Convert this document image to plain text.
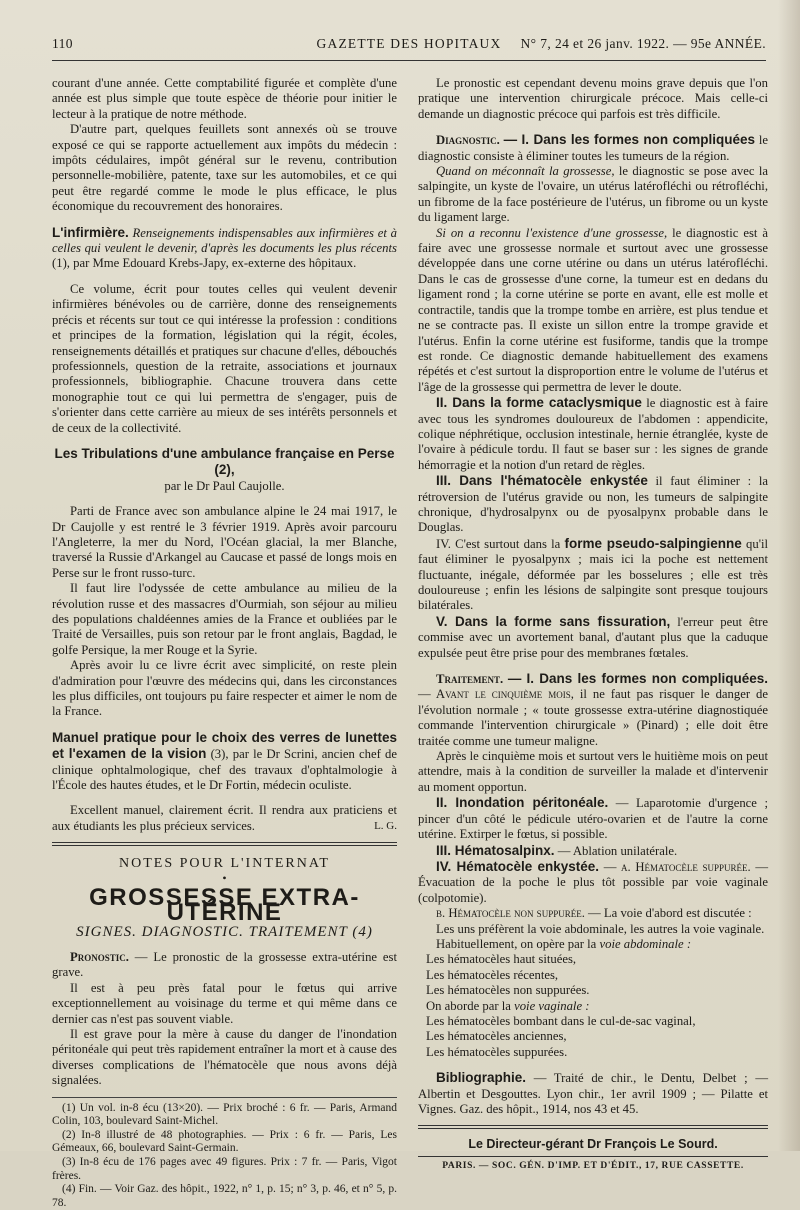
110	GAZETTE DES HOPITAUX	N° 7, 24 et 26 janv. 1922. — 95e ANNÉE.

courant d'une année. Cette comptabilité figurée et complète d'une année est plus simple que toute espèce de théorie pour initier le lecteur à la pratique de notre méthode.

D'autre part, quelques feuillets sont annexés où se trouve exposé ce qui se rapporte actuellement aux impôts du médecin : impôts cédulaires, impôt général sur le revenu, contribution personnelle-mobilière, patente, taxe sur les automobiles, et ce qui peut être regardé comme le mode le plus efficace, le plus économique du recouvrement des honoraires.

L'infirmière. Renseignements indispensables aux infirmières et à celles qui veulent le devenir, d'après les documents les plus récents (1), par Mme Edouard Krebs-Japy, ex-externe des hôpitaux.

Ce volume, écrit pour toutes celles qui veulent devenir infirmières bénévoles ou de carrière, donne des renseignements précis et récents sur tout ce qui intéresse la profession : conditions et principes de la formation, législation qui la régit, écoles, renseignements détaillés et pratiques sur chacune d'elles, débouchés professionnels, question de la retraite, associations et journaux professionnels, bibliographie. Chacune trouvera dans cette monographie tout ce qui lui permettra de s'engager, puis de s'orienter dans cette carrière au mieux de ses intérêts personnels et de ceux de la collectivité.

Les Tribulations d'une ambulance française en Perse (2),
par le Dr Paul Caujolle.

Parti de France avec son ambulance alpine le 24 mai 1917, le Dr Caujolle y est rentré le 3 février 1919. Après avoir parcouru l'Angleterre, la mer du Nord, l'Océan glacial, la mer Blanche, traversé la Russie d'Arkangel au Caucase et passé de longs mois en Perse sur le front russo-turc.

Il faut lire l'odyssée de cette ambulance au milieu de la révolution russe et des massacres d'Ourmiah, son séjour au milieu des populations chaldéennes amies de la France et oubliées par le Traité de Versailles, puis son retour par le front anglais, Bagdad, le golfe Persique, la mer Rouge et la Syrie.

Après avoir lu ce livre écrit avec simplicité, on reste plein d'admiration pour l'œuvre des médecins qui, dans les circonstances les plus difficiles, ont toujours pu faire respecter et aimer le nom de la France.

Manuel pratique pour le choix des verres de lunettes et l'examen de la vision (3), par le Dr Scrini, ancien chef de clinique ophtalmologique, chef des travaux d'ophtalmologie à l'École des hautes études, et le Dr Fortin, médecin oculiste.

Excellent manuel, clairement écrit. Il rendra aux praticiens et aux étudiants les plus précieux services.	L. G.

NOTES POUR L'INTERNAT
•
GROSSESSE EXTRA-UTÉRINE
SIGNES. DIAGNOSTIC. TRAITEMENT (4)

Pronostic. — Le pronostic de la grossesse extra-utérine est grave.

Il est à peu près fatal pour le fœtus qui arrive exceptionnellement au voisinage du terme et qui même dans ce dernier cas n'est pas souvent viable.

Il est grave pour la mère à cause du danger de l'inondation péritonéale qui peut très rapidement entraîner la mort et à cause des diverses complications de l'hématocèle que nous avons déjà signalées.

(1) Un vol. in-8 écu (13×20). — Prix broché : 6 fr. — Paris, Armand Colin, 103, boulevard Saint-Michel.

(2) In-8 illustré de 48 photographies. — Prix : 6 fr. — Paris, Les Gémeaux, 66, boulevard Saint-Germain.

(3) In-8 écu de 176 pages avec 49 figures. Prix : 7 fr. — Paris, Vigot frères.

(4) Fin. — Voir Gaz. des hôpit., 1922, n° 1, p. 15; n° 3, p. 46, et n° 5, p. 78.

Le pronostic est cependant devenu moins grave depuis que l'on pratique une intervention chirurgicale précoce. Mais celle-ci demande un diagnostic précoce qui parfois est très difficile.

Diagnostic. — I. Dans les formes non compliquées le diagnostic consiste à éliminer toutes les tumeurs de la région.

Quand on méconnaît la grossesse, le diagnostic se pose avec la salpingite, un kyste de l'ovaire, un utérus latérofléchi ou rétrofléchi, un fibrome de la face postérieure de l'utérus, un fibrome ou un kyste du ligament large.

Si on a reconnu l'existence d'une grossesse, le diagnostic est à faire avec une grossesse normale et surtout avec une grossesse développée dans une corne utérine ou dans un utérus latérofléchi. Dans le cas de grossesse d'une corne, la tumeur est en dedans du ligament rond ; la corne utérine se porte en avant, elle est molle et contractile, tandis que la trompe tombe en arrière, est plus tendue et ne se contracte pas. Il existe un sillon entre la trompe gravide et l'utérus. Enfin la corne utérine est fusiforme, tandis que la trompe est ronde. Ce diagnostic demande habituellement des examens répétés et c'est surtout la disproportion entre le volume de l'utérus et l'âge de la grossesse qui permettra de lever le doute.

II. Dans la forme cataclysmique le diagnostic est à faire avec tous les syndromes douloureux de l'abdomen : appendicite, colique néphrétique, occlusion intestinale, hernie étranglée, kyste de l'ovaire à pédicule tordu. Il faut se baser sur : les signes de grande hémorragie et la notion d'un retard de règles.

III. Dans l'hématocèle enkystée il faut éliminer : la rétroversion de l'utérus gravide ou non, les tumeurs de salpingite chronique, d'hydrosalpynx ou de pyosalpynx probable dans le Douglas.

IV. C'est surtout dans la forme pseudo-salpingienne qu'il faut éliminer le pyosalpynx ; mais ici la poche est nettement fluctuante, inégale, déformée par les bosselures ; elle est très douloureuse ; enfin les lésions de salpingite sont presque toujours bilatérales.

V. Dans la forme sans fissuration, l'erreur peut être commise avec un avortement banal, d'autant plus que la caduque expulsée peut être prise pour des membranes fœtales.

Traitement. — I. Dans les formes non compliquées. — Avant le cinquième mois, il ne faut pas risquer le danger de l'évolution normale ; « toute grossesse extra-utérine diagnostiquée commande l'intervention chirurgicale » (Pinard) ; elle doit être traitée comme une tumeur maligne.

Après le cinquième mois et surtout vers le huitième mois on peut attendre, mais à la condition de surveiller la malade et d'intervenir au moment opportun.

II. Inondation péritonéale. — Laparotomie d'urgence ; pincer d'un côté le pédicule utéro-ovarien et de l'autre la corne utérine. Extirper le fœtus, si possible.

III. Hématosalpinx. — Ablation unilatérale.

IV. Hématocèle enkystée. — a. Hématocèle suppurée. — Évacuation de la poche le plus tôt possible par voie vaginale (colpotomie).

b. Hématocèle non suppurée. — La voie d'abord est discutée :

Les uns préfèrent la voie abdominale, les autres la voie vaginale.

Habituellement, on opère par la voie abdominale :

Les hématocèles haut situées,

Les hématocèles récentes,

Les hématocèles non suppurées.

On aborde par la voie vaginale :

Les hématocèles bombant dans le cul-de-sac vaginal,

Les hématocèles anciennes,

Les hématocèles suppurées.

Bibliographie. — Traité de chir., le Dentu, Delbet ; — Albertin et Desgouttes. Lyon chir., 1er avril 1909 ; — Pilatte et Vignes. Gaz. des hôpit., 1914, nos 43 et 45.

Le Directeur-gérant Dr François Le Sourd.
PARIS. — SOC. GÉN. D'IMP. ET D'ÉDIT., 17, RUE CASSETTE.
